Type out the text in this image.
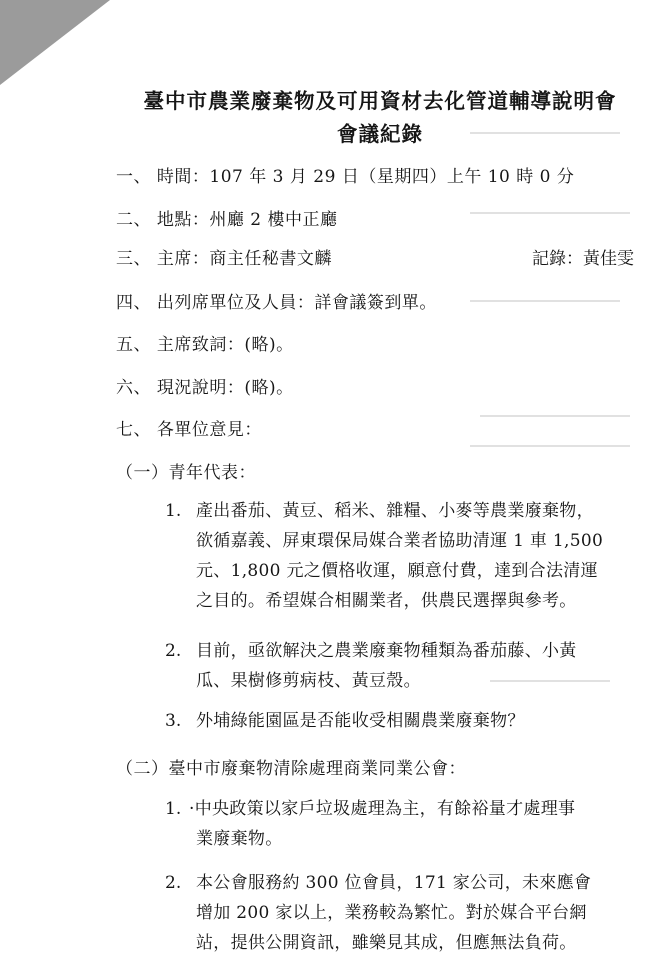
臺中市農業廢棄物及可用資材去化管道輔導說明會
會議紀錄
一、 時間：107 年 3 月 29 日（星期四）上午 10 時 0 分
二、 地點：州廳 2 樓中正廳
三、 主席：商主任秘書文麟	記錄：黃佳雯
四、 出列席單位及人員：詳會議簽到單。
五、 主席致詞：(略)。
六、 現況說明：(略)。
七、 各單位意見：
（一）青年代表：
1. 產出番茄、黃豆、稻米、雜糧、小麥等農業廢棄物，
欲循嘉義、屏東環保局媒合業者協助清運 1 車 1,500
元、1,800 元之價格收運，願意付費，達到合法清運
之目的。希望媒合相關業者，供農民選擇與參考。
2. 目前，亟欲解決之農業廢棄物種類為番茄藤、小黃
瓜、果樹修剪病枝、黃豆殼。
3. 外埔綠能園區是否能收受相關農業廢棄物？
（二）臺中市廢棄物清除處理商業同業公會：
1. ·中央政策以家戶垃圾處理為主，有餘裕量才處理事
業廢棄物。
2. 本公會服務約 300 位會員，171 家公司，未來應會
增加 200 家以上，業務較為繁忙。對於媒合平台網
站，提供公開資訊，雖樂見其成，但應無法負荷。
